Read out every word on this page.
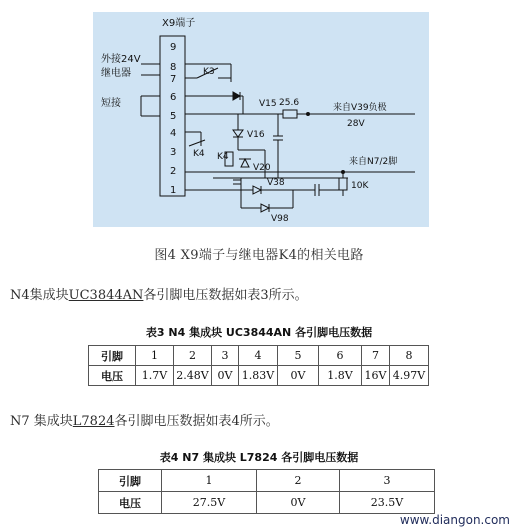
X9端子
9
8
7
6
5
4
3
2
1
外接24V
继电器	K3
短接	V15 25.6	来自V39负极
28V
V16
K4
V20
K4
来自N7/2脚
10K
V38
V98
图4 X9端子与继电器K4的相关电路
N4集成块UC3844AN各引脚电压数据如表3所示。
表3 N4 集成块 UC3844AN 各引脚电压数据
引脚	1	2	3	4	5	6	7	8
电压	1.7V	2.48V	0V	1.83V	0V	1.8V	16V	4.97V
N7 集成块L7824各引脚电压数据如表4所示。
表4 N7 集成块 L7824 各引脚电压数据
引脚	1	2	3
电压	27.5V	0V	23.5V
www.diangon.com
